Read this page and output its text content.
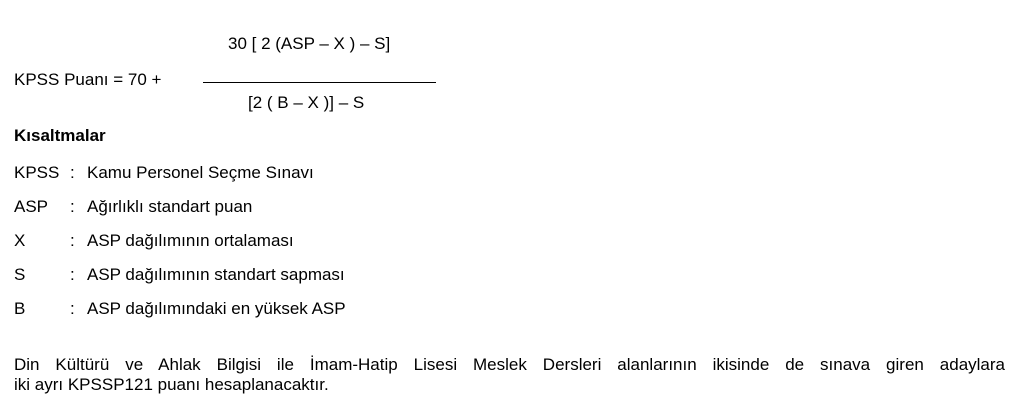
30 [ 2 (ASP – X ) – S]
KPSS Puanı = 70 +
[2 ( B – X )] – S
Kısaltmalar
KPSS : Kamu Personel Seçme Sınavı
ASP : Ağırlıklı standart puan
X	: ASP dağılımının ortalaması
S	: ASP dağılımının standart sapması
B	: ASP dağılımındaki en yüksek ASP
Din Kültürü ve Ahlak Bilgisi ile İmam-Hatip Lisesi Meslek Dersleri alanlarının ikisinde de sınava giren adaylara
iki ayrı KPSSP121 puanı hesaplanacaktır.
